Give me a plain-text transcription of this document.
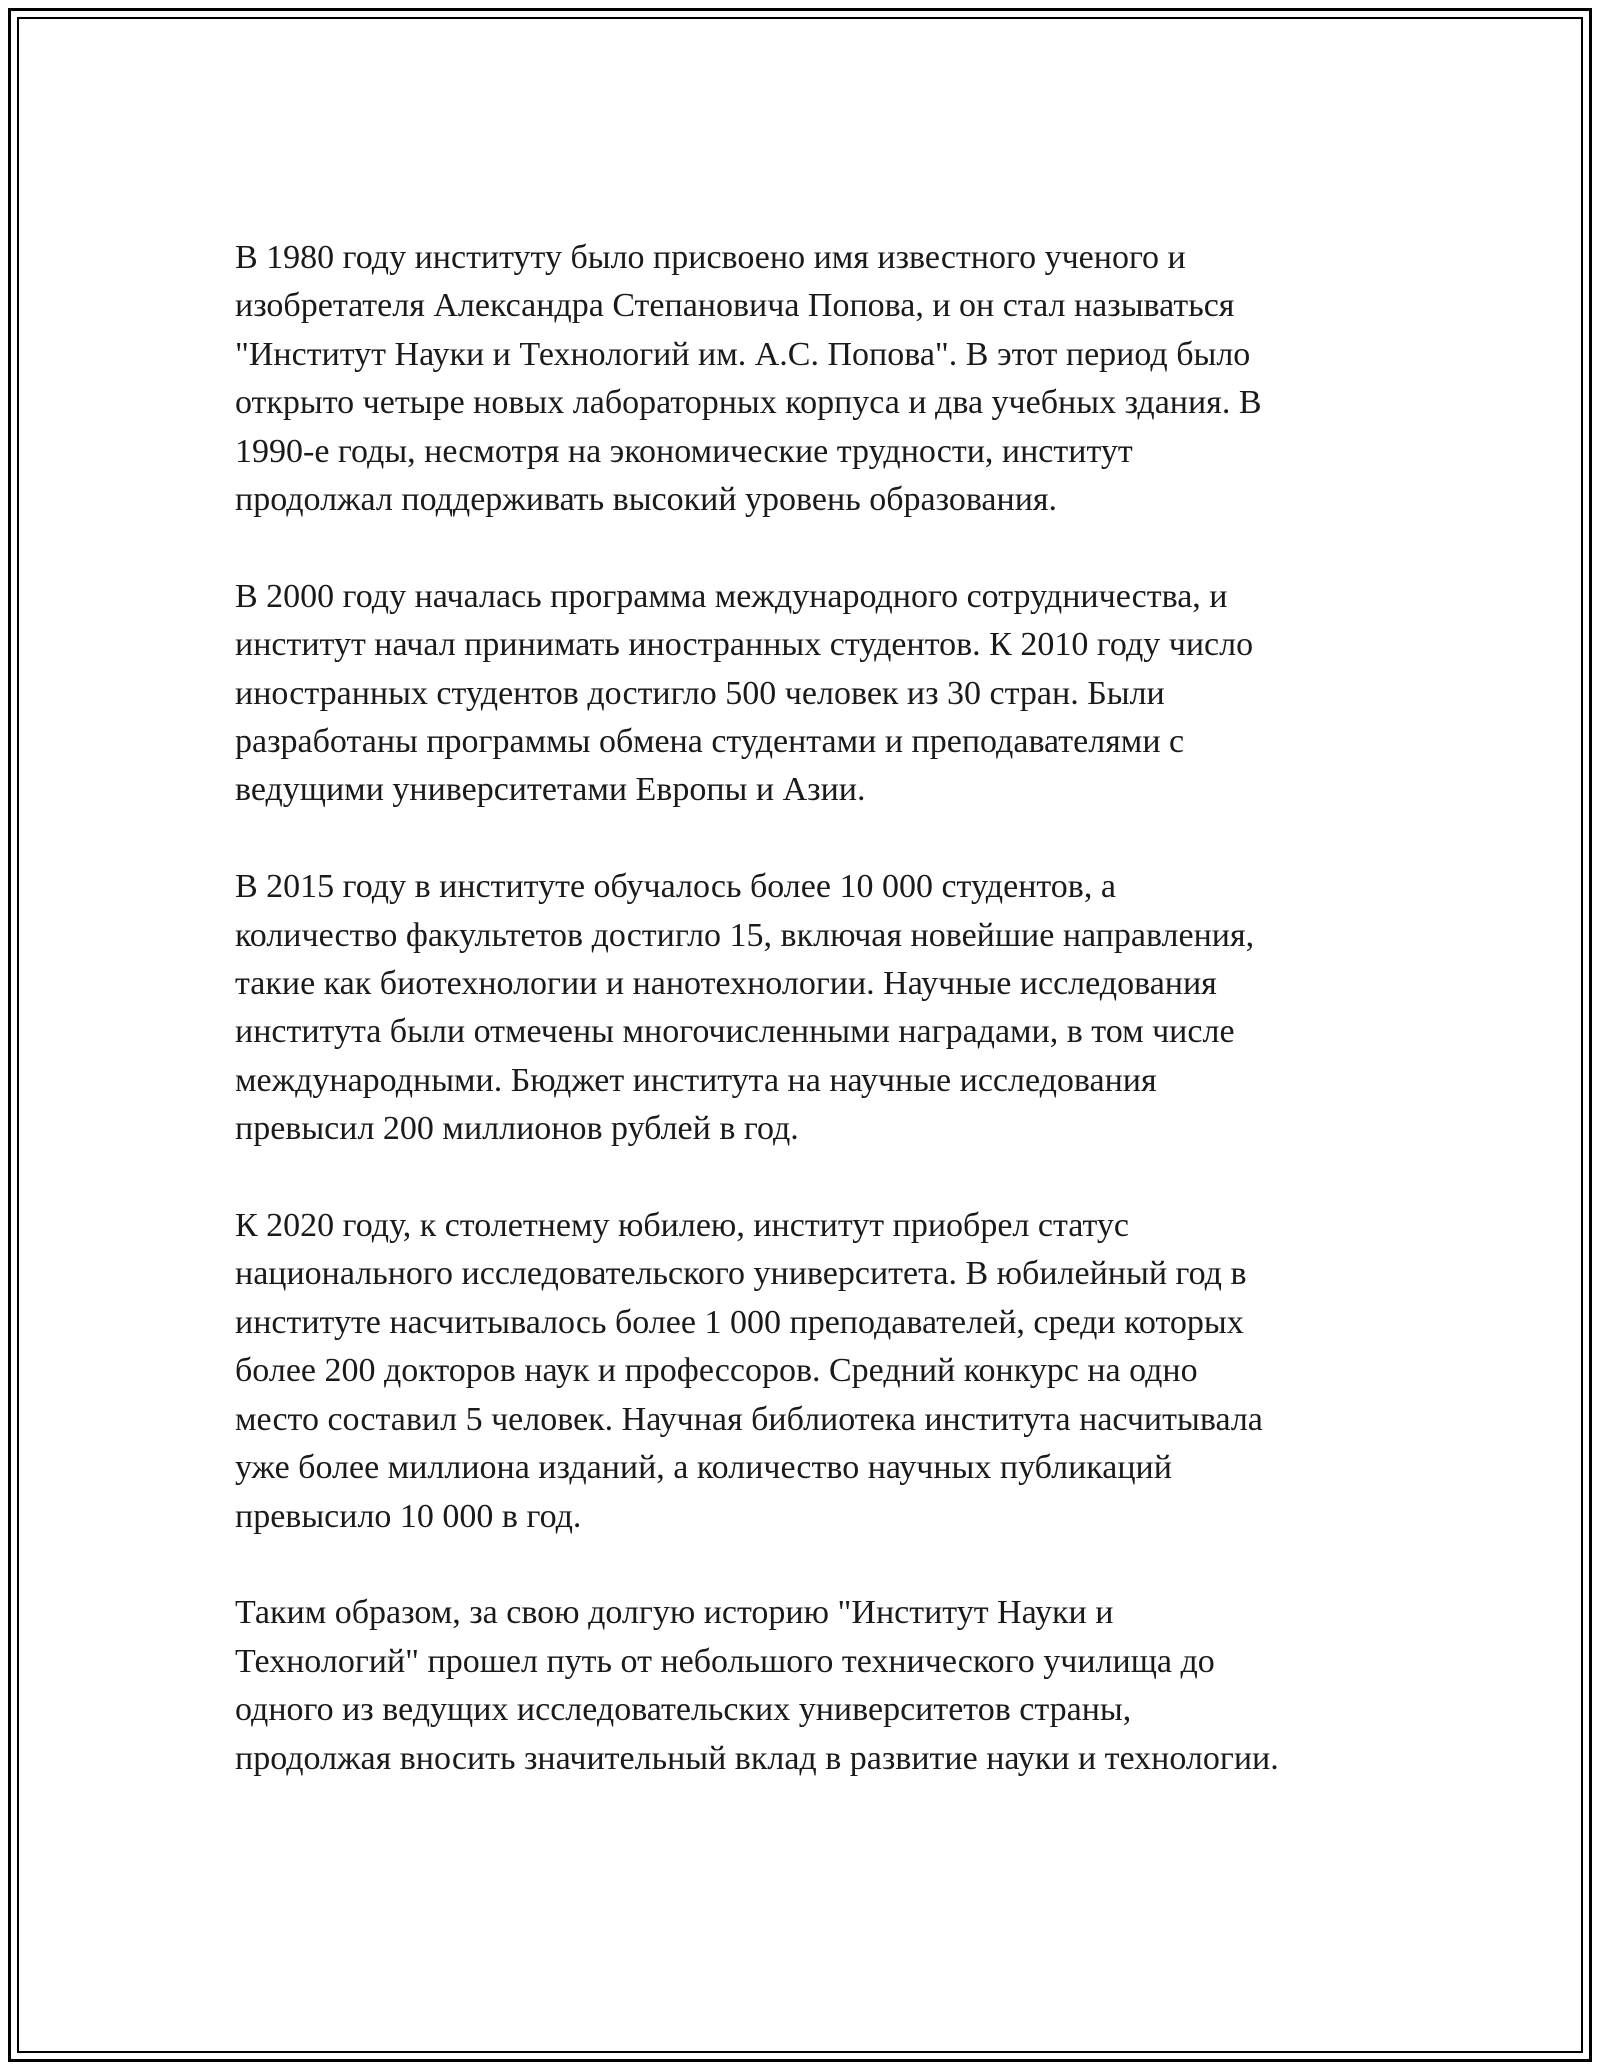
В 1980 году институту было присвоено имя известного ученого и
изобретателя Александра Степановича Попова, и он стал называться
"Институт Науки и Технологий им. А.С. Попова". В этот период было
открыто четыре новых лабораторных корпуса и два учебных здания. В
1990-е годы, несмотря на экономические трудности, институт
продолжал поддерживать высокий уровень образования.

В 2000 году началась программа международного сотрудничества, и
институт начал принимать иностранных студентов. К 2010 году число
иностранных студентов достигло 500 человек из 30 стран. Были
разработаны программы обмена студентами и преподавателями с
ведущими университетами Европы и Азии.

В 2015 году в институте обучалось более 10 000 студентов, а
количество факультетов достигло 15, включая новейшие направления,
такие как биотехнологии и нанотехнологии. Научные исследования
института были отмечены многочисленными наградами, в том числе
международными. Бюджет института на научные исследования
превысил 200 миллионов рублей в год.

К 2020 году, к столетнему юбилею, институт приобрел статус
национального исследовательского университета. В юбилейный год в
институте насчитывалось более 1 000 преподавателей, среди которых
более 200 докторов наук и профессоров. Средний конкурс на одно
место составил 5 человек. Научная библиотека института насчитывала
уже более миллиона изданий, а количество научных публикаций
превысило 10 000 в год.

Таким образом, за свою долгую историю "Институт Науки и
Технологий" прошел путь от небольшого технического училища до
одного из ведущих исследовательских университетов страны,
продолжая вносить значительный вклад в развитие науки и технологии.
